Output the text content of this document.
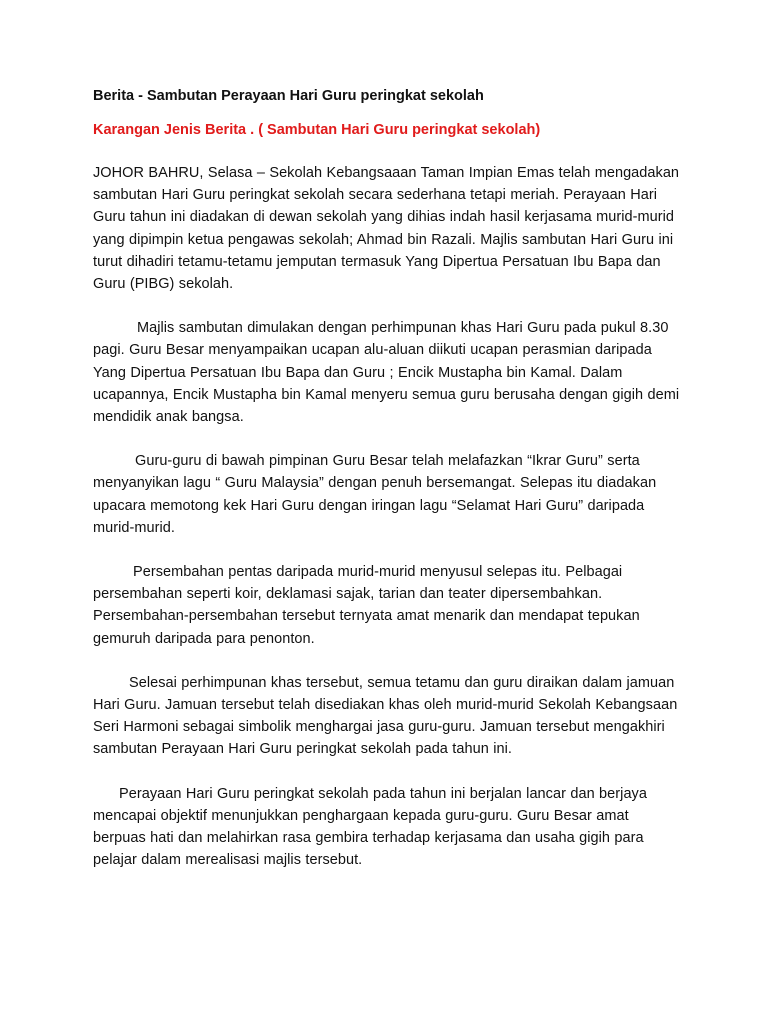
Berita - Sambutan Perayaan Hari Guru peringkat sekolah

Karangan Jenis Berita . ( Sambutan Hari Guru peringkat sekolah)

JOHOR BAHRU, Selasa – Sekolah Kebangsaaan Taman Impian Emas telah mengadakan sambutan Hari Guru peringkat sekolah secara sederhana tetapi meriah. Perayaan Hari Guru tahun ini diadakan di dewan sekolah yang dihias indah hasil kerjasama murid-murid yang dipimpin ketua pengawas sekolah; Ahmad bin Razali. Majlis sambutan Hari Guru ini turut dihadiri tetamu-tetamu jemputan termasuk Yang Dipertua Persatuan Ibu Bapa dan Guru (PIBG) sekolah.

Majlis sambutan dimulakan dengan perhimpunan khas Hari Guru pada pukul 8.30 pagi. Guru Besar menyampaikan ucapan alu-aluan diikuti ucapan perasmian daripada Yang Dipertua Persatuan Ibu Bapa dan Guru ; Encik Mustapha bin Kamal. Dalam ucapannya, Encik Mustapha bin Kamal menyeru semua guru berusaha dengan gigih demi mendidik anak bangsa.

Guru-guru di bawah pimpinan Guru Besar telah melafazkan “Ikrar Guru” serta menyanyikan lagu “ Guru Malaysia” dengan penuh bersemangat. Selepas itu diadakan upacara memotong kek Hari Guru dengan iringan lagu “Selamat Hari Guru” daripada murid-murid.

Persembahan pentas daripada murid-murid menyusul selepas itu. Pelbagai persembahan seperti koir, deklamasi sajak, tarian dan teater dipersembahkan. Persembahan-persembahan tersebut ternyata amat menarik dan mendapat tepukan gemuruh daripada para penonton.

Selesai perhimpunan khas tersebut, semua tetamu dan guru diraikan dalam jamuan Hari Guru. Jamuan tersebut telah disediakan khas oleh murid-murid Sekolah Kebangsaan Seri Harmoni sebagai simbolik menghargai jasa guru-guru. Jamuan tersebut mengakhiri sambutan Perayaan Hari Guru peringkat sekolah pada tahun ini.

Perayaan Hari Guru peringkat sekolah pada tahun ini berjalan lancar dan berjaya mencapai objektif menunjukkan penghargaan kepada guru-guru. Guru Besar amat berpuas hati dan melahirkan rasa gembira terhadap kerjasama dan usaha gigih para pelajar dalam merealisasi majlis tersebut.
